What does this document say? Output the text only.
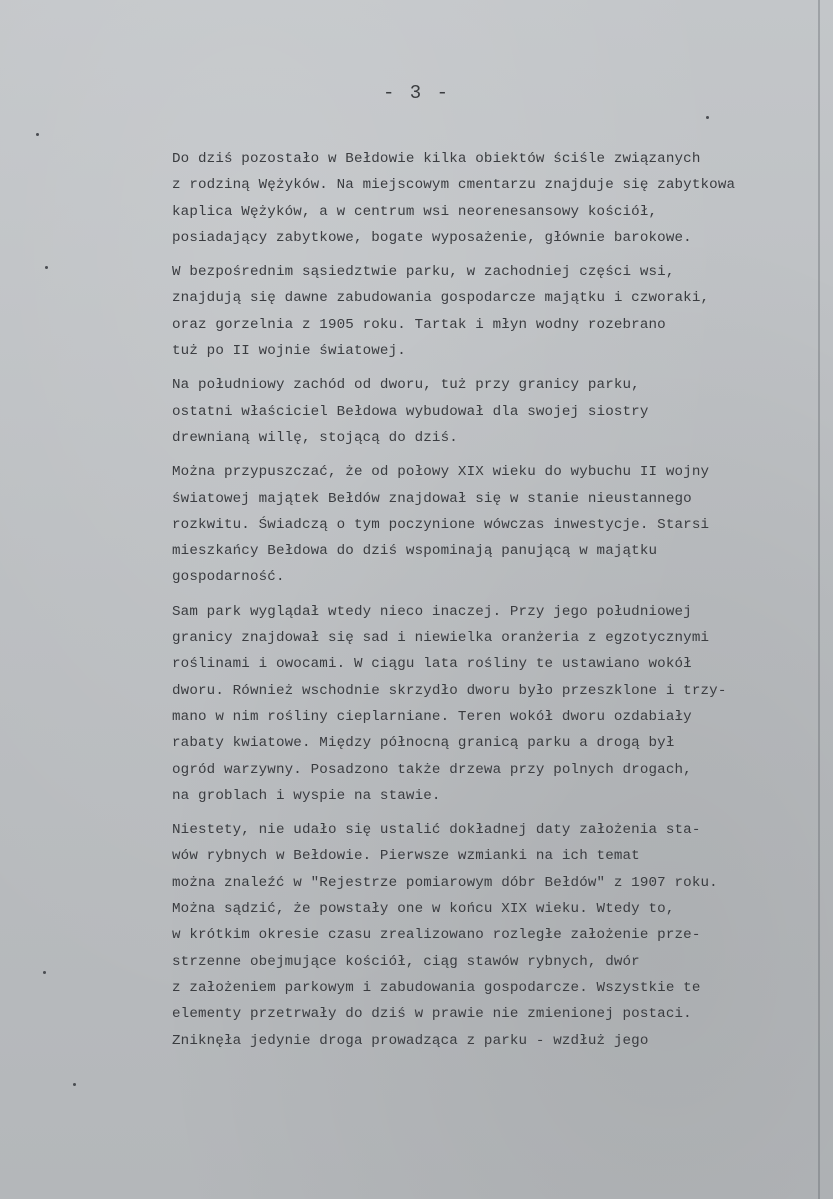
- 3 -
Do dziś pozostało w Bełdowie kilka obiektów ściśle związanych
z rodziną Wężyków. Na miejscowym cmentarzu znajduje się zabytkowa
kaplica Wężyków, a w centrum wsi neorenesansowy kościół,
posiadający zabytkowe, bogate wyposażenie, głównie barokowe.
W bezpośrednim sąsiedztwie parku, w zachodniej części wsi,
znajdują się dawne zabudowania gospodarcze majątku i czworaki,
oraz gorzelnia z 1905 roku. Tartak i młyn wodny rozebrano
tuż po II wojnie światowej.
Na południowy zachód od dworu, tuż przy granicy parku,
ostatni właściciel Bełdowa wybudował dla swojej siostry
drewnianą willę, stojącą do dziś.
Można przypuszczać, że od połowy XIX wieku do wybuchu II wojny
światowej majątek Bełdów znajdował się w stanie nieustannego
rozkwitu. Świadczą o tym poczynione wówczas inwestycje. Starsi
mieszkańcy Bełdowa do dziś wspominają panującą w majątku
gospodarność.
Sam park wyglądał wtedy nieco inaczej. Przy jego południowej
granicy znajdował się sad i niewielka oranżeria z egzotycznymi
roślinami i owocami. W ciągu lata rośliny te ustawiano wokół
dworu. Również wschodnie skrzydło dworu było przeszklone i trzy-
mano w nim rośliny cieplarniane. Teren wokół dworu ozdabiały
rabaty kwiatowe. Między północną granicą parku a drogą był
ogród warzywny. Posadzono także drzewa przy polnych drogach,
na groblach i wyspie na stawie.
Niestety, nie udało się ustalić dokładnej daty założenia sta-
wów rybnych w Bełdowie. Pierwsze wzmianki na ich temat
można znaleźć w "Rejestrze pomiarowym dóbr Bełdów" z 1907 roku.
Można sądzić, że powstały one w końcu XIX wieku. Wtedy to,
w krótkim okresie czasu zrealizowano rozległe założenie prze-
strzenne obejmujące kościół, ciąg stawów rybnych, dwór
z założeniem parkowym i zabudowania gospodarcze. Wszystkie te
elementy przetrwały do dziś w prawie nie zmienionej postaci.
Zniknęła jedynie droga prowadząca z parku - wzdłuż jego
